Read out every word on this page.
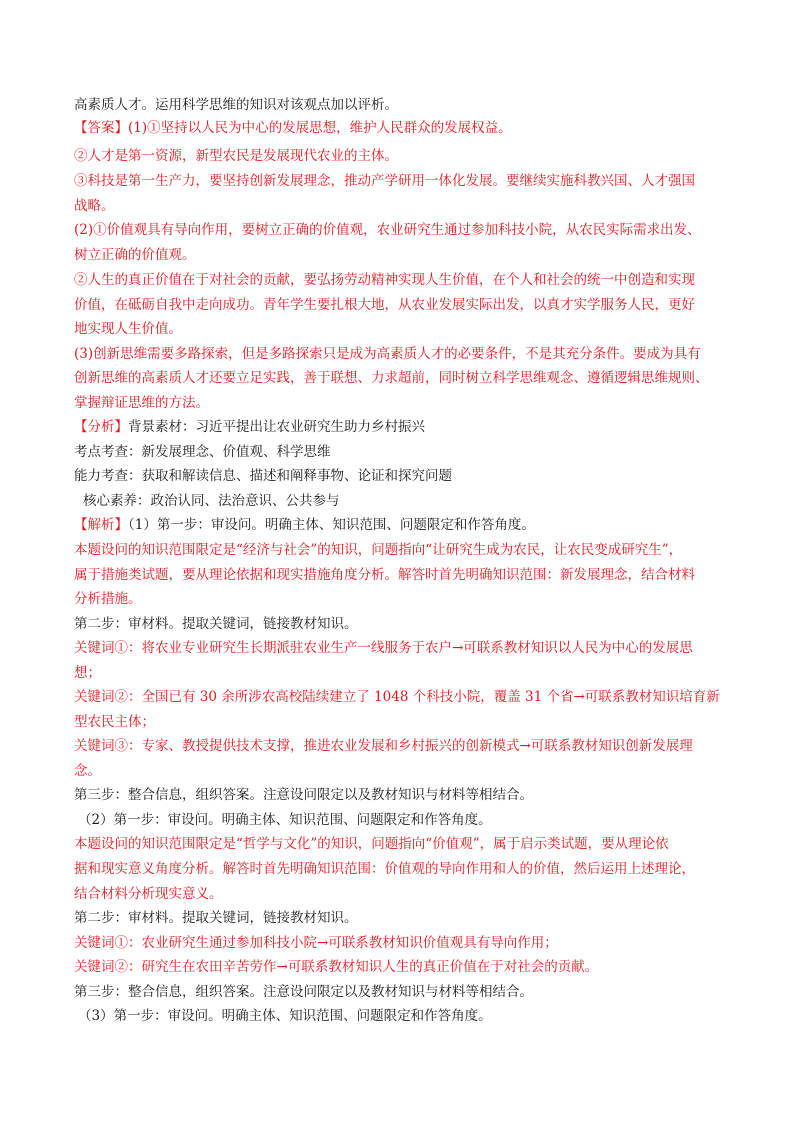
高素质人才。运用科学思维的知识对该观点加以评析。
【答案】(1)①坚持以人民为中心的发展思想，维护人民群众的发展权益。
②人才是第一资源，新型农民是发展现代农业的主体。
③科技是第一生产力，要坚持创新发展理念，推动产学研用一体化发展。要继续实施科教兴国、人才强国
战略。
(2)①价值观具有导向作用，要树立正确的价值观，农业研究生通过参加科技小院，从农民实际需求出发、
树立正确的价值观。
②人生的真正价值在于对社会的贡献，要弘扬劳动精神实现人生价值，在个人和社会的统一中创造和实现
价值，在砥砺自我中走向成功。青年学生要扎根大地，从农业发展实际出发，以真才实学服务人民，更好
地实现人生价值。
(3)创新思维需要多路探索，但是多路探索只是成为高素质人才的必要条件，不是其充分条件。要成为具有
创新思维的高素质人才还要立足实践，善于联想、力求超前，同时树立科学思维观念、遵循逻辑思维规则、
掌握辩证思维的方法。
【分析】背景素材：习近平提出让农业研究生助力乡村振兴
考点考查：新发展理念、价值观、科学思维
能力考查：获取和解读信息、描述和阐释事物、论证和探究问题
核心素养：政治认同、法治意识、公共参与
【解析】（1）第一步：审设问。明确主体、知识范围、问题限定和作答角度。
本题设问的知识范围限定是“经济与社会”的知识，问题指向“让研究生成为农民，让农民变成研究生”，
属于措施类试题，要从理论依据和现实措施角度分析。解答时首先明确知识范围：新发展理念，结合材料
分析措施。
第二步：审材料。提取关键词，链接教材知识。
关键词①：将农业专业研究生长期派驻农业生产一线服务于农户→可联系教材知识以人民为中心的发展思
想；
关键词②：全国已有 30 余所涉农高校陆续建立了 1048 个科技小院，覆盖 31 个省→可联系教材知识培育新
型农民主体；
关键词③：专家、教授提供技术支撑，推进农业发展和乡村振兴的创新模式→可联系教材知识创新发展理
念。
第三步：整合信息，组织答案。注意设问限定以及教材知识与材料等相结合。
（2）第一步：审设问。明确主体、知识范围、问题限定和作答角度。
本题设问的知识范围限定是“哲学与文化”的知识，问题指向“价值观”，属于启示类试题，要从理论依
据和现实意义角度分析。解答时首先明确知识范围：价值观的导向作用和人的价值，然后运用上述理论，
结合材料分析现实意义。
第二步：审材料。提取关键词，链接教材知识。
关键词①：农业研究生通过参加科技小院→可联系教材知识价值观具有导向作用；
关键词②：研究生在农田辛苦劳作→可联系教材知识人生的真正价值在于对社会的贡献。
第三步：整合信息，组织答案。注意设问限定以及教材知识与材料等相结合。
（3）第一步：审设问。明确主体、知识范围、问题限定和作答角度。
